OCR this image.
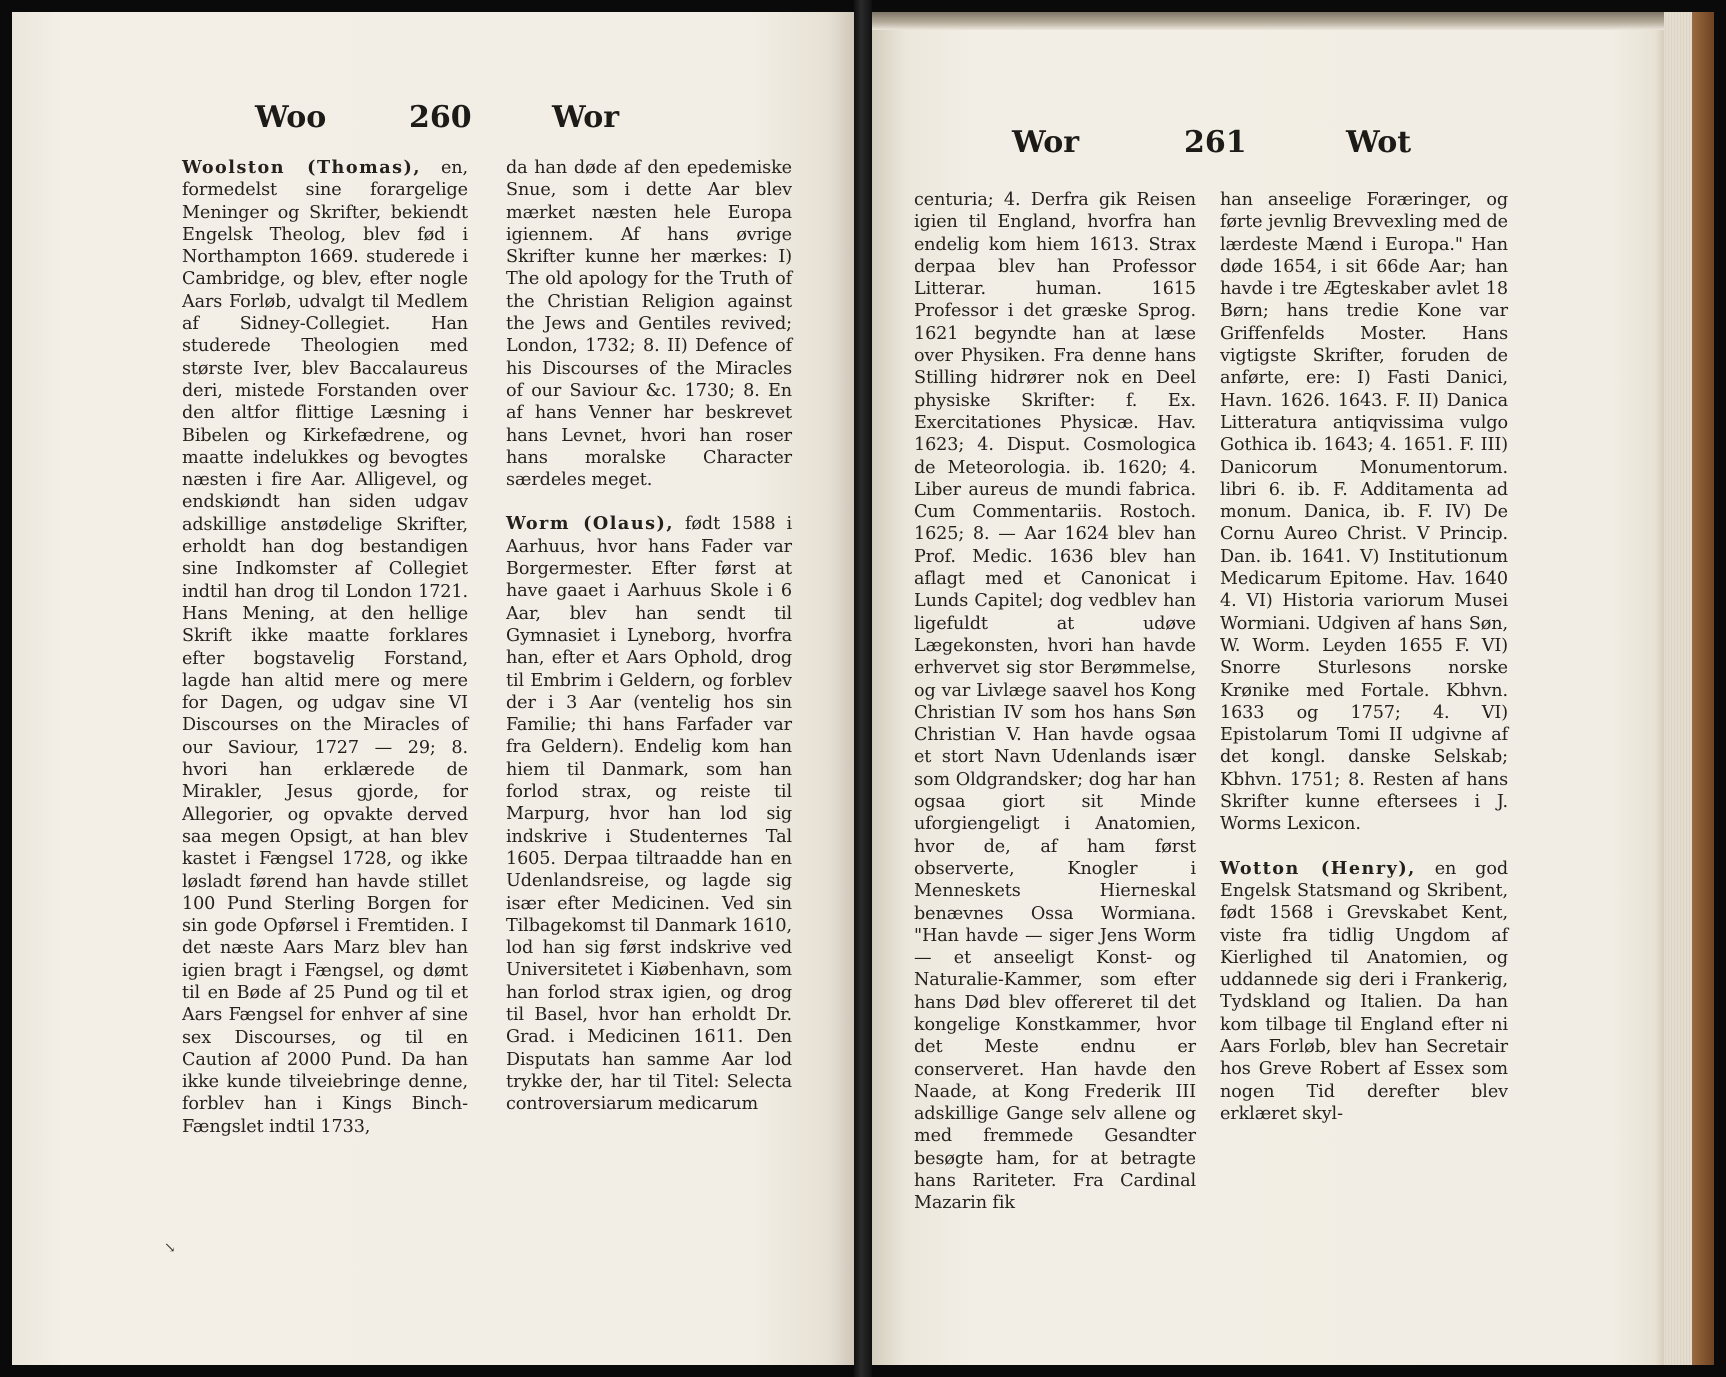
Woo	260	Wor

Woolston (Thomas), en, formedelst sine forargelige Meninger og Skrifter, bekiendt Engelsk Theolog, blev fød i Northampton 1669. studerede i Cambridge, og blev, efter nogle Aars Forløb, udvalgt til Medlem af Sidney-Collegiet. Han studerede Theologien med største Iver, blev Baccalaureus deri, mistede Forstanden over den altfor flittige Læsning i Bibelen og Kirkefædrene, og maatte indelukkes og bevogtes næsten i fire Aar. Alligevel, og endskiøndt han siden udgav adskillige anstødelige Skrifter, erholdt han dog bestandigen sine Indkomster af Collegiet indtil han drog til London 1721. Hans Mening, at den hellige Skrift ikke maatte forklares efter bogstavelig Forstand, lagde han altid mere og mere for Dagen, og udgav sine VI Discourses on the Miracles of our Saviour, 1727 — 29; 8. hvori han erklærede de Mirakler, Jesus gjorde, for Allegorier, og opvakte derved saa megen Opsigt, at han blev kastet i Fængsel 1728, og ikke løsladt førend han havde stillet 100 Pund Sterling Borgen for sin gode Opførsel i Fremtiden. I det næste Aars Marz blev han igien bragt i Fængsel, og dømt til en Bøde af 25 Pund og til et Aars Fængsel for enhver af sine sex Discourses, og til en Caution af 2000 Pund. Da han ikke kunde tilveiebringe denne, forblev han i Kings Binch-Fængslet indtil 1733,

da han døde af den epedemiske Snue, som i dette Aar blev mærket næsten hele Europa igiennem. Af hans øvrige Skrifter kunne her mærkes: I) The old apology for the Truth of the Christian Religion against the Jews and Gentiles revived; London, 1732; 8. II) Defence of his Discourses of the Miracles of our Saviour &c. 1730; 8. En af hans Venner har beskrevet hans Levnet, hvori han roser hans moralske Character særdeles meget.

Worm (Olaus), født 1588 i Aarhuus, hvor hans Fader var Borgermester. Efter først at have gaaet i Aarhuus Skole i 6 Aar, blev han sendt til Gymnasiet i Lyneborg, hvorfra han, efter et Aars Ophold, drog til Embrim i Geldern, og forblev der i 3 Aar (ventelig hos sin Familie; thi hans Farfader var fra Geldern). Endelig kom han hiem til Danmark, som han forlod strax, og reiste til Marpurg, hvor han lod sig indskrive i Studenternes Tal 1605. Derpaa tiltraadde han en Udenlandsreise, og lagde sig især efter Medicinen. Ved sin Tilbagekomst til Danmark 1610, lod han sig først indskrive ved Universitetet i Kiøbenhavn, som han forlod strax igien, og drog til Basel, hvor han erholdt Dr. Grad. i Medicinen 1611. Den Disputats han samme Aar lod trykke der, har til Titel: Selecta controversiarum medicarum

↘
Wor	261	Wot

centuria; 4. Derfra gik Reisen igien til England, hvorfra han endelig kom hiem 1613. Strax derpaa blev han Professor Litterar. human. 1615 Professor i det græske Sprog. 1621 begyndte han at læse over Physiken. Fra denne hans Stilling hidrører nok en Deel physiske Skrifter: f. Ex. Exercitationes Physicæ. Hav. 1623; 4. Disput. Cosmologica de Meteorologia. ib. 1620; 4. Liber aureus de mundi fabrica. Cum Commentariis. Rostoch. 1625; 8. — Aar 1624 blev han Prof. Medic. 1636 blev han aflagt med et Canonicat i Lunds Capitel; dog vedblev han ligefuldt at udøve Lægekonsten, hvori han havde erhvervet sig stor Berømmelse, og var Livlæge saavel hos Kong Christian IV som hos hans Søn Christian V. Han havde ogsaa et stort Navn Udenlands især som Oldgrandsker; dog har han ogsaa giort sit Minde uforgiengeligt i Anatomien, hvor de, af ham først observerte, Knogler i Menneskets Hierneskal benævnes Ossa Wormiana. "Han havde — siger Jens Worm — et anseeligt Konst- og Naturalie-Kammer, som efter hans Død blev offereret til det kongelige Konstkammer, hvor det Meste endnu er conserveret. Han havde den Naade, at Kong Frederik III adskillige Gange selv allene og med fremmede Gesandter besøgte ham, for at betragte hans Rariteter. Fra Cardinal Mazarin fik

han anseelige Foræringer, og førte jevnlig Brevvexling med de lærdeste Mænd i Europa." Han døde 1654, i sit 66de Aar; han havde i tre Ægteskaber avlet 18 Børn; hans tredie Kone var Griffenfelds Moster. Hans vigtigste Skrifter, foruden de anførte, ere: I) Fasti Danici, Havn. 1626. 1643. F. II) Danica Litteratura antiqvissima vulgo Gothica ib. 1643; 4. 1651. F. III) Danicorum Monumentorum. libri 6. ib. F. Additamenta ad monum. Danica, ib. F. IV) De Cornu Aureo Christ. V Princip. Dan. ib. 1641. V) Institutionum Medicarum Epitome. Hav. 1640 4. VI) Historia variorum Musei Wormiani. Udgiven af hans Søn, W. Worm. Leyden 1655 F. VI) Snorre Sturlesons norske Krønike med Fortale. Kbhvn. 1633 og 1757; 4. VI) Epistolarum Tomi II udgivne af det kongl. danske Selskab; Kbhvn. 1751; 8. Resten af hans Skrifter kunne eftersees i J. Worms Lexicon.

Wotton (Henry), en god Engelsk Statsmand og Skribent, født 1568 i Grevskabet Kent, viste fra tidlig Ungdom af Kierlighed til Anatomien, og uddannede sig deri i Frankerig, Tydskland og Italien. Da han kom tilbage til England efter ni Aars Forløb, blev han Secretair hos Greve Robert af Essex som nogen Tid derefter blev erklæret skyl-
